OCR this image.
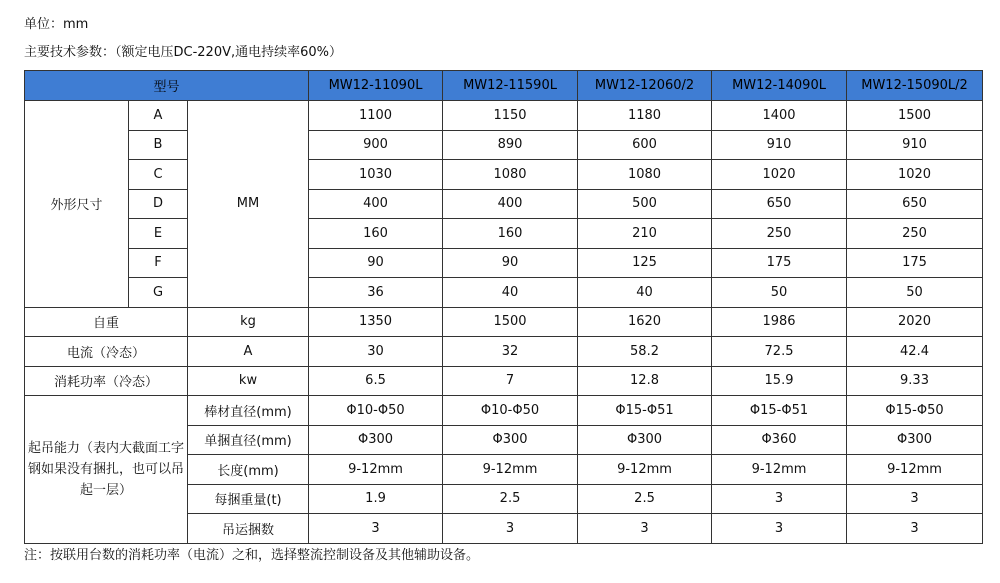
单位：mm
主要技术参数：（额定电压DC-220V,通电持续率60%）
型号			MW12-11090L	MW12-11590L	MW12-12060/2	MW12-14090L	MW12-15090L/2
外形尺寸	A	MM	1100	1150	1180	1400	1500
	B		900	890	600	910	910
	C		1030	1080	1080	1020	1020
	D		400	400	500	650	650
	E		160	160	210	250	250
	F		90	90	125	175	175
	G		36	40	40	50	50
自重		kg	1350	1500	1620	1986	2020
电流（冷态）		A	30	32	58.2	72.5	42.4
消耗功率（冷态）		kw	6.5	7	12.8	15.9	9.33
起吊能力（表内大截面工字钢如果没有捆扎，也可以吊起一层）		棒材直径(mm)	Φ10-Φ50	Φ10-Φ50	Φ15-Φ51	Φ15-Φ51	Φ15-Φ50
		单捆直径(mm)	Φ300	Φ300	Φ300	Φ360	Φ300
		长度(mm)	9-12mm	9-12mm	9-12mm	9-12mm	9-12mm
		每捆重量(t)	1.9	2.5	2.5	3	3
		吊运捆数	3	3	3	3	3
注：按联用台数的消耗功率（电流）之和，选择整流控制设备及其他辅助设备。
